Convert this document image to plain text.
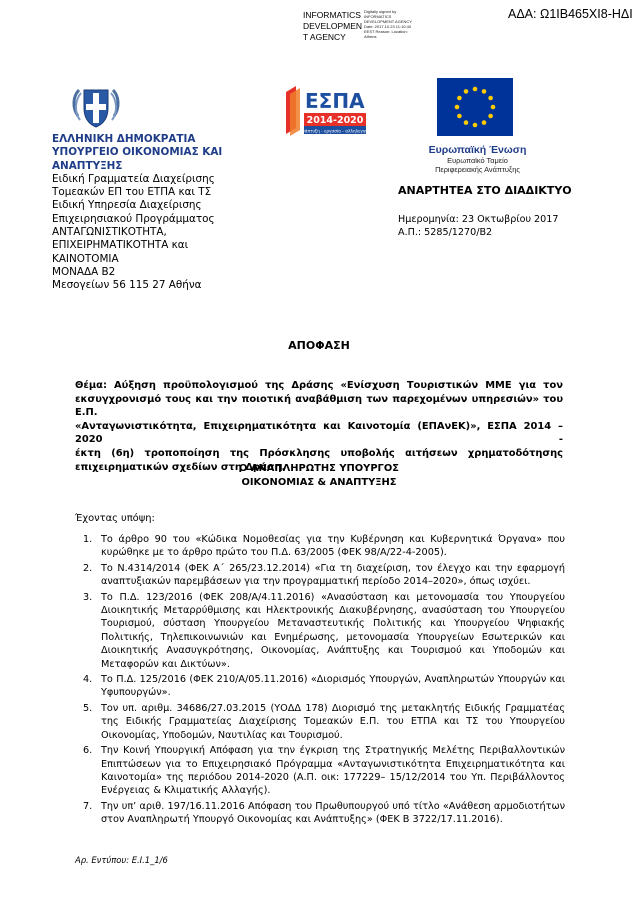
ΑΔΑ: Ω1ΙΒ465ΧΙ8-ΗΔΙ
INFORMATICS DEVELOPMEN T AGENCY
Digitally signed by INFORMATICS DEVELOPMENT AGENCY Date: 2017.10.23 11:10:40 EEST Reason: Location: Athens
ΕΣΠΑ
2014-2020
ανάπτυξη - εργασία - αλληλεγγύη
Ευρωπαϊκή Ένωση
Ευρωπαϊκό Ταμείο
Περιφερειακής Ανάπτυξης
ΕΛΛΗΝΙΚΗ ΔΗΜΟΚΡΑΤΙΑ
ΥΠΟΥΡΓΕΙΟ ΟΙΚΟΝΟΜΙΑΣ ΚΑΙ
ΑΝΑΠΤΥΞΗΣ
Ειδική Γραμματεία Διαχείρισης
Τομεακών ΕΠ του ΕΤΠΑ και ΤΣ
Ειδική Υπηρεσία Διαχείρισης
Επιχειρησιακού Προγράμματος
ΑΝΤΑΓΩΝΙΣΤΙΚΟΤΗΤΑ,
ΕΠΙΧΕΙΡΗΜΑΤΙΚΟΤΗΤΑ και
ΚΑΙΝΟΤΟΜΙΑ
ΜΟΝΑΔΑ Β2
Μεσογείων 56 115 27 Αθήνα
ΑΝΑΡΤΗΤΕΑ ΣΤΟ ΔΙΑΔΙΚΤΥΟ
Ημερομηνία: 23 Οκτωβρίου 2017
Α.Π.: 5285/1270/Β2
ΑΠΟΦΑΣΗ
Θέμα: Αύξηση προϋπολογισμού της Δράσης «Ενίσχυση Τουριστικών ΜΜΕ για τον
εκσυγχρονισμό τους και την ποιοτική αναβάθμιση των παρεχομένων υπηρεσιών» του Ε.Π.
«Ανταγωνιστικότητα, Επιχειρηματικότητα και Καινοτομία (ΕΠΑνΕΚ)», ΕΣΠΑ 2014 – 2020 -
έκτη (6η) τροποποίηση της Πρόσκλησης υποβολής αιτήσεων χρηματοδότησης
επιχειρηματικών σχεδίων στη Δράση.
Ο ΑΝΑΠΛΗΡΩΤΗΣ ΥΠΟΥΡΓΟΣ
ΟΙΚΟΝΟΜΙΑΣ & ΑΝΑΠΤΥΞΗΣ
Έχοντας υπόψη:
1. Το άρθρο 90 του «Κώδικα Νομοθεσίας για την Κυβέρνηση και Κυβερνητικά Όργανα» που κυρώθηκε με το άρθρο πρώτο του Π.Δ. 63/2005 (ΦΕΚ 98/Α/22-4-2005).
2. Το Ν.4314/2014 (ΦΕΚ Α΄ 265/23.12.2014) «Για τη διαχείριση, τον έλεγχο και την εφαρμογή αναπτυξιακών παρεμβάσεων για την προγραμματική περίοδο 2014–2020», όπως ισχύει.
3. Το Π.Δ. 123/2016 (ΦΕΚ 208/Α/4.11.2016) «Ανασύσταση και μετονομασία του Υπουργείου Διοικητικής Μεταρρύθμισης και Ηλεκτρονικής Διακυβέρνησης, ανασύσταση του Υπουργείου Τουρισμού, σύσταση Υπουργείου Μεταναστευτικής Πολιτικής και Υπουργείου Ψηφιακής Πολιτικής, Τηλεπικοινωνιών και Ενημέρωσης, μετονομασία Υπουργείων Εσωτερικών και Διοικητικής Ανασυγκρότησης, Οικονομίας, Ανάπτυξης και Τουρισμού και Υποδομών και Μεταφορών και Δικτύων».
4. Το Π.Δ. 125/2016 (ΦΕΚ 210/Α/05.11.2016) «Διορισμός Υπουργών, Αναπληρωτών Υπουργών και Υφυπουργών».
5. Τον υπ. αριθμ. 34686/27.03.2015 (ΥΟΔΔ 178) Διορισμό της μετακλητής Ειδικής Γραμματέας της Ειδικής Γραμματείας Διαχείρισης Τομεακών Ε.Π. του ΕΤΠΑ και ΤΣ του Υπουργείου Οικονομίας, Υποδομών, Ναυτιλίας και Τουρισμού.
6. Την Κοινή Υπουργική Απόφαση για την έγκριση της Στρατηγικής Μελέτης Περιβαλλοντικών Επιπτώσεων για το Επιχειρησιακό Πρόγραμμα «Ανταγωνιστικότητα Επιχειρηματικότητα και Καινοτομία» της περιόδου 2014-2020 (Α.Π. οικ: 177229– 15/12/2014 του Υπ. Περιβάλλοντος Ενέργειας & Κλιματικής Αλλαγής).
7. Την υπ’ αριθ. 197/16.11.2016 Απόφαση του Πρωθυπουργού υπό τίτλο «Ανάθεση αρμοδιοτήτων στον Αναπληρωτή Υπουργό Οικονομίας και Ανάπτυξης» (ΦΕΚ Β 3722/17.11.2016).
Αρ. Εντύπου: Ε.Ι.1_1/6
